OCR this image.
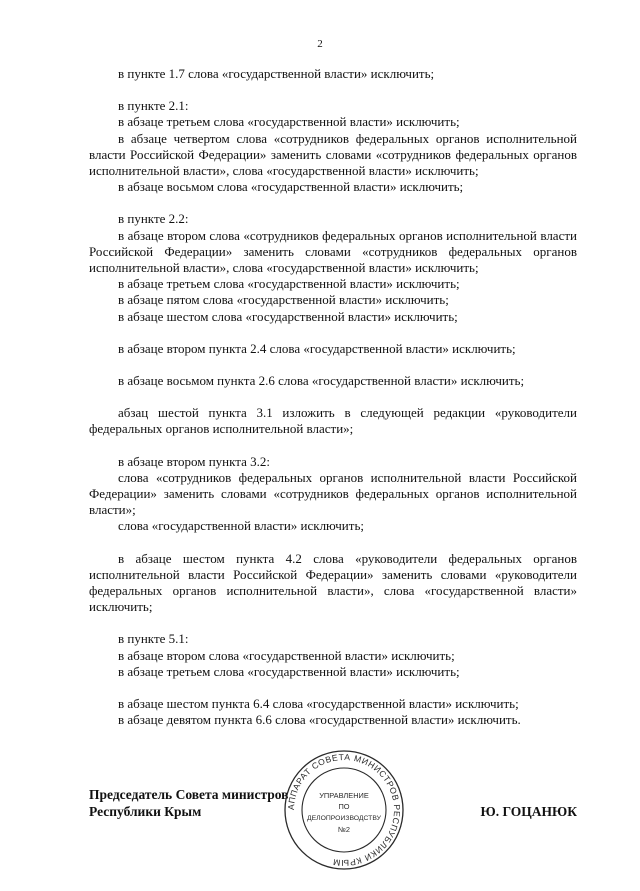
2

в пункте 1.7 слова «государственной власти» исключить;

в пункте 2.1:

в абзаце третьем слова «государственной власти» исключить;

в абзаце четвертом слова «сотрудников федеральных органов исполнительной власти Российской Федерации» заменить словами «сотрудников федеральных органов исполнительной власти», слова «государственной власти» исключить;

в абзаце восьмом слова «государственной власти» исключить;

в пункте 2.2:

в абзаце втором слова «сотрудников федеральных органов исполнительной власти Российской Федерации» заменить словами «сотрудников федеральных органов исполнительной власти», слова «государственной власти» исключить;

в абзаце третьем слова «государственной власти» исключить;

в абзаце пятом слова «государственной власти» исключить;

в абзаце шестом слова «государственной власти» исключить;

в абзаце втором пункта 2.4 слова «государственной власти» исключить;

в абзаце восьмом пункта 2.6 слова «государственной власти» исключить;

абзац шестой пункта 3.1 изложить в следующей редакции «руководители федеральных органов исполнительной власти»;

в абзаце втором пункта 3.2:

слова «сотрудников федеральных органов исполнительной власти Российской Федерации» заменить словами «сотрудников федеральных органов исполнительной власти»;

слова «государственной власти» исключить;

в абзаце шестом пункта 4.2 слова «руководители федеральных органов исполнительной власти Российской Федерации» заменить словами «руководители федеральных органов исполнительной власти», слова «государственной власти» исключить;

в пункте 5.1:

в абзаце втором слова «государственной власти» исключить;

в абзаце третьем слова «государственной власти» исключить;

в абзаце шестом пункта 6.4 слова «государственной власти» исключить;

в абзаце девятом пункта 6.6 слова «государственной власти» исключить.

Председатель Совета министров
Республики Крым	Ю. ГОЦАНЮК
АППАРАТ СОВЕТА МИНИСТРОВ РЕСПУБЛИКИ КРЫМ
УПРАВЛЕНИЕ
ПО
ДЕЛОПРОИЗВОДСТВУ
№2
